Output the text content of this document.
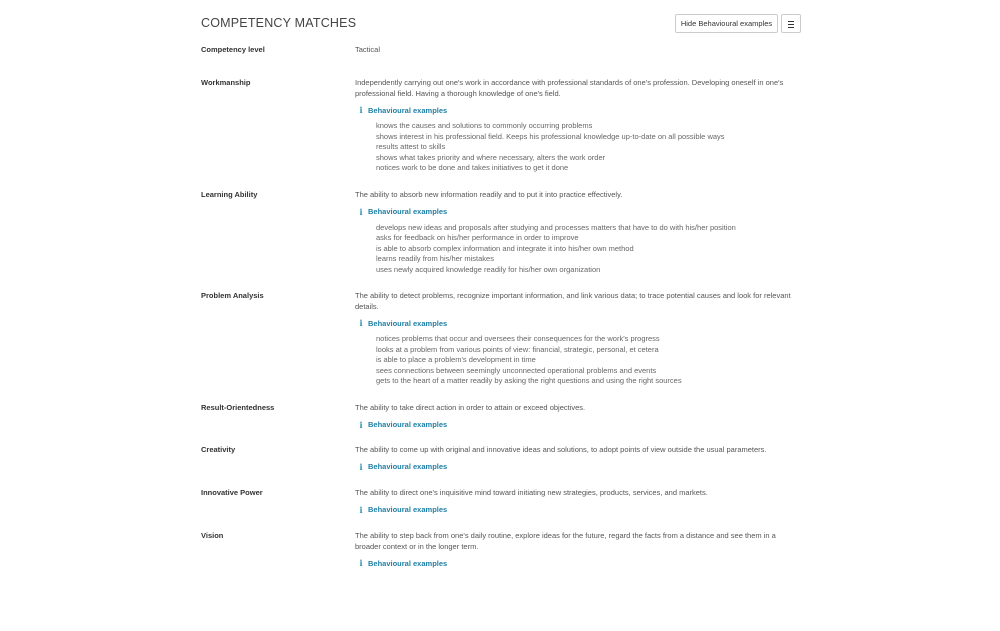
COMPETENCY MATCHES	Hide Behavioural examples
Competency level	Tactical

Workmanship	Independently carrying out one's work in accordance with professional standards of one's profession. Developing oneself in one's professional field. Having a thorough knowledge of one's field.

i Behavioural examples
knows the causes and solutions to commonly occurring problems
shows interest in his professional field. Keeps his professional knowledge up-to-date on all possible ways
results attest to skills
shows what takes priority and where necessary, alters the work order
notices work to be done and takes initiatives to get it done
Learning Ability	The ability to absorb new information readily and to put it into practice effectively.

i Behavioural examples
develops new ideas and proposals after studying and processes matters that have to do with his/her position
asks for feedback on his/her performance in order to improve
is able to absorb complex information and integrate it into his/her own method
learns readily from his/her mistakes
uses newly acquired knowledge readily for his/her own organization
Problem Analysis	The ability to detect problems, recognize important information, and link various data; to trace potential causes and look for relevant details.

i Behavioural examples
notices problems that occur and oversees their consequences for the work's progress
looks at a problem from various points of view: financial, strategic, personal, et cetera
is able to place a problem's development in time
sees connections between seemingly unconnected operational problems and events
gets to the heart of a matter readily by asking the right questions and using the right sources
Result-Orientedness	The ability to take direct action in order to attain or exceed objectives.

i Behavioural examples
Creativity	The ability to come up with original and innovative ideas and solutions, to adopt points of view outside the usual parameters.

i Behavioural examples
Innovative Power	The ability to direct one's inquisitive mind toward initiating new strategies, products, services, and markets.

i Behavioural examples
Vision	The ability to step back from one's daily routine, explore ideas for the future, regard the facts from a distance and see them in a broader context or in the longer term.

i Behavioural examples
